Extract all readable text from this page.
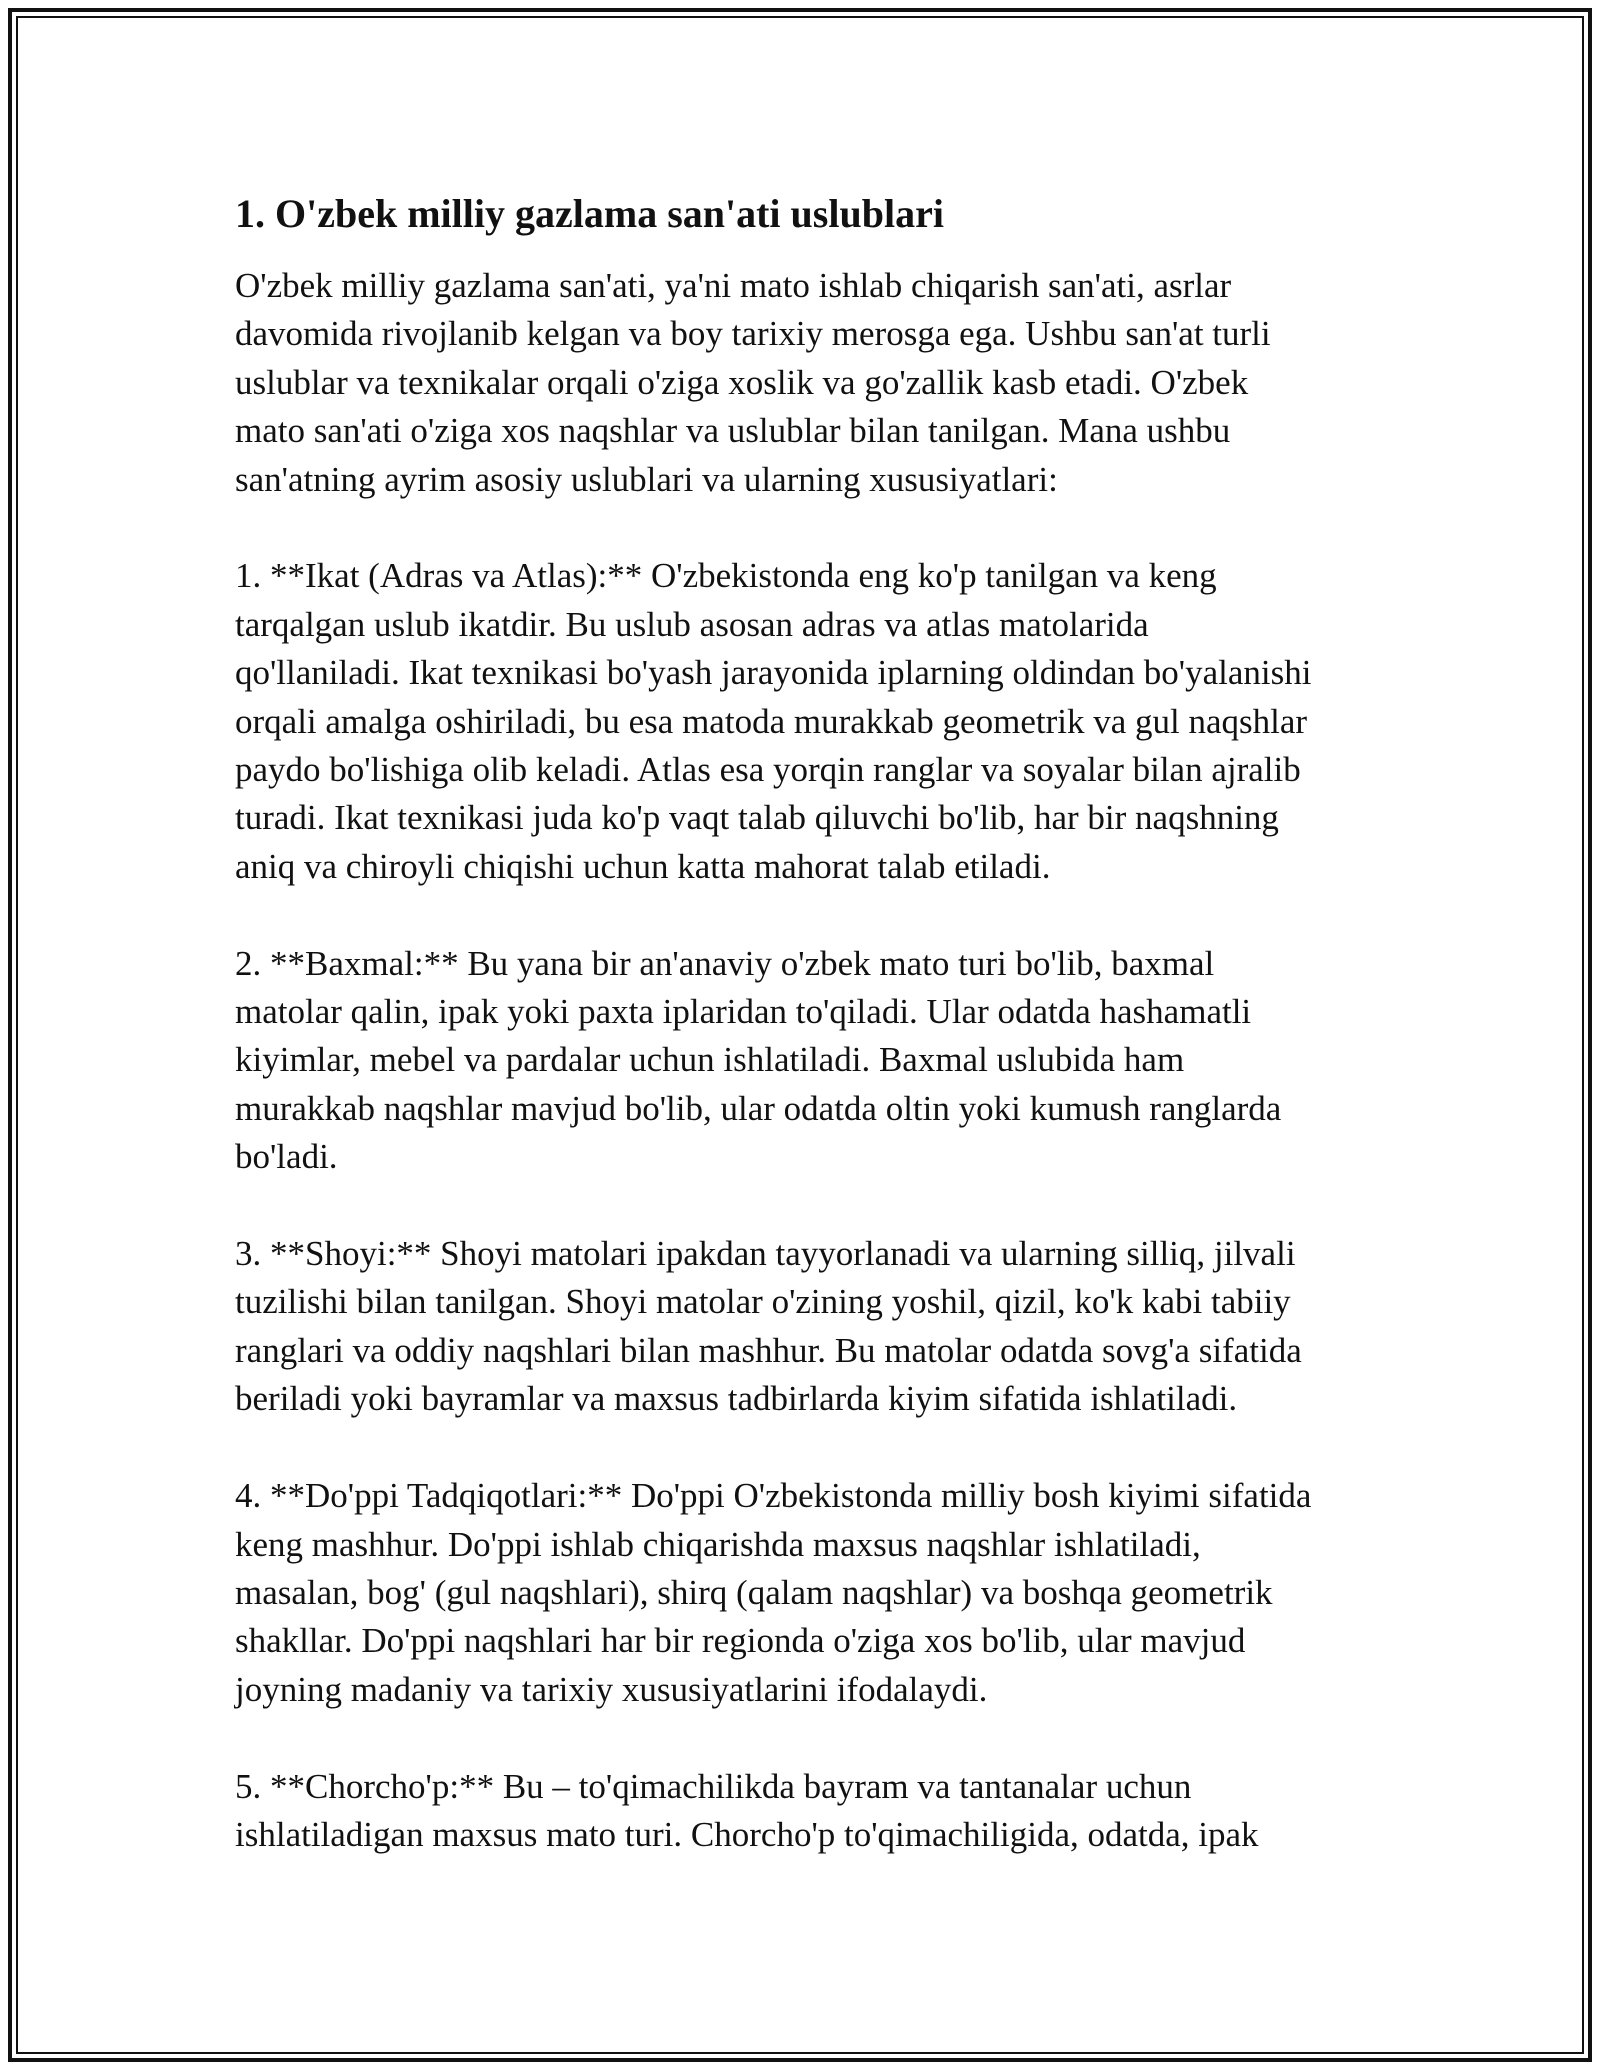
1. O'zbek milliy gazlama san'ati uslublari

O'zbek milliy gazlama san'ati, ya'ni mato ishlab chiqarish san'ati, asrlar
davomida rivojlanib kelgan va boy tarixiy merosga ega. Ushbu san'at turli
uslublar va texnikalar orqali o'ziga xoslik va go'zallik kasb etadi. O'zbek
mato san'ati o'ziga xos naqshlar va uslublar bilan tanilgan. Mana ushbu
san'atning ayrim asosiy uslublari va ularning xususiyatlari:

1. **Ikat (Adras va Atlas):** O'zbekistonda eng ko'p tanilgan va keng
tarqalgan uslub ikatdir. Bu uslub asosan adras va atlas matolarida
qo'llaniladi. Ikat texnikasi bo'yash jarayonida iplarning oldindan bo'yalanishi
orqali amalga oshiriladi, bu esa matoda murakkab geometrik va gul naqshlar
paydo bo'lishiga olib keladi. Atlas esa yorqin ranglar va soyalar bilan ajralib
turadi. Ikat texnikasi juda ko'p vaqt talab qiluvchi bo'lib, har bir naqshning
aniq va chiroyli chiqishi uchun katta mahorat talab etiladi.

2. **Baxmal:** Bu yana bir an'anaviy o'zbek mato turi bo'lib, baxmal
matolar qalin, ipak yoki paxta iplaridan to'qiladi. Ular odatda hashamatli
kiyimlar, mebel va pardalar uchun ishlatiladi. Baxmal uslubida ham
murakkab naqshlar mavjud bo'lib, ular odatda oltin yoki kumush ranglarda
bo'ladi.

3. **Shoyi:** Shoyi matolari ipakdan tayyorlanadi va ularning silliq, jilvali
tuzilishi bilan tanilgan. Shoyi matolar o'zining yoshil, qizil, ko'k kabi tabiiy
ranglari va oddiy naqshlari bilan mashhur. Bu matolar odatda sovg'a sifatida
beriladi yoki bayramlar va maxsus tadbirlarda kiyim sifatida ishlatiladi.

4. **Do'ppi Tadqiqotlari:** Do'ppi O'zbekistonda milliy bosh kiyimi sifatida
keng mashhur. Do'ppi ishlab chiqarishda maxsus naqshlar ishlatiladi,
masalan, bog' (gul naqshlari), shirq (qalam naqshlar) va boshqa geometrik
shakllar. Do'ppi naqshlari har bir regionda o'ziga xos bo'lib, ular mavjud
joyning madaniy va tarixiy xususiyatlarini ifodalaydi.

5. **Chorcho'p:** Bu – to'qimachilikda bayram va tantanalar uchun
ishlatiladigan maxsus mato turi. Chorcho'p to'qimachiligida, odatda, ipak
